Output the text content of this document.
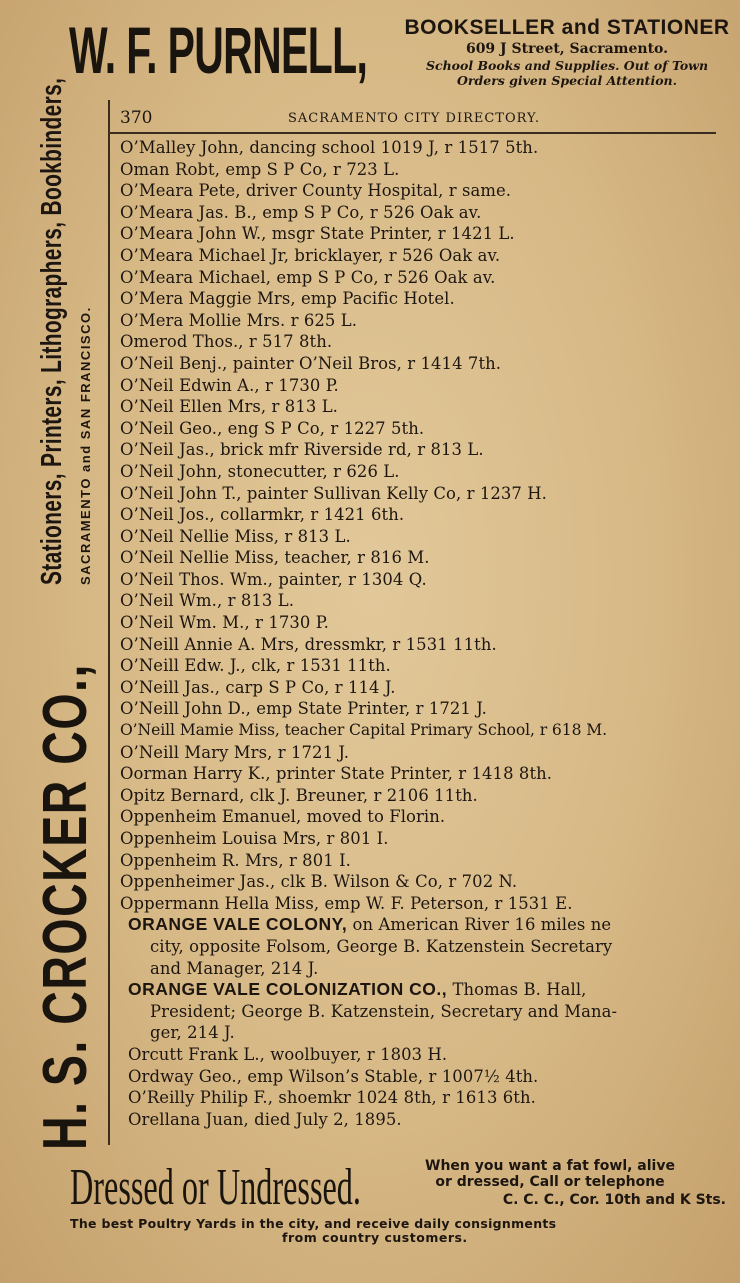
W. F. PURNELL, BOOKSELLER and STATIONER
609 J Street, Sacramento.
School Books and Supplies. Out of Town
Orders given Special Attention.
H. S. CROCKER CO.,
Stationers, Printers, Lithographers, Bookbinders, SACRAMENTO and SAN FRANCISCO.
370	SACRAMENTO CITY DIRECTORY.
O’Malley John, dancing school 1019 J, r 1517 5th.
Oman Robt, emp S P Co, r 723 L.
O’Meara Pete, driver County Hospital, r same.
O’Meara Jas. B., emp S P Co, r 526 Oak av.
O’Meara John W., msgr State Printer, r 1421 L.
O’Meara Michael Jr, bricklayer, r 526 Oak av.
O’Meara Michael, emp S P Co, r 526 Oak av.
O’Mera Maggie Mrs, emp Pacific Hotel.
O’Mera Mollie Mrs. r 625 L.
Omerod Thos., r 517 8th.
O’Neil Benj., painter O’Neil Bros, r 1414 7th.
O’Neil Edwin A., r 1730 P.
O’Neil Ellen Mrs, r 813 L.
O’Neil Geo., eng S P Co, r 1227 5th.
O’Neil Jas., brick mfr Riverside rd, r 813 L.
O’Neil John, stonecutter, r 626 L.
O’Neil John T., painter Sullivan Kelly Co, r 1237 H.
O’Neil Jos., collarmkr, r 1421 6th.
O’Neil Nellie Miss, r 813 L.
O’Neil Nellie Miss, teacher, r 816 M.
O’Neil Thos. Wm., painter, r 1304 Q.
O’Neil Wm., r 813 L.
O’Neil Wm. M., r 1730 P.
O’Neill Annie A. Mrs, dressmkr, r 1531 11th.
O’Neill Edw. J., clk, r 1531 11th.
O’Neill Jas., carp S P Co, r 114 J.
O’Neill John D., emp State Printer, r 1721 J.
O’Neill Mamie Miss, teacher Capital Primary School, r 618 M.
O’Neill Mary Mrs, r 1721 J.
Oorman Harry K., printer State Printer, r 1418 8th.
Opitz Bernard, clk J. Breuner, r 2106 11th.
Oppenheim Emanuel, moved to Florin.
Oppenheim Louisa Mrs, r 801 I.
Oppenheim R. Mrs, r 801 I.
Oppenheimer Jas., clk B. Wilson & Co, r 702 N.
Oppermann Hella Miss, emp W. F. Peterson, r 1531 E.
ORANGE VALE COLONY, on American River 16 miles ne
city, opposite Folsom, George B. Katzenstein Secretary
and Manager, 214 J.
ORANGE VALE COLONIZATION CO., Thomas B. Hall,
President; George B. Katzenstein, Secretary and Mana-
ger, 214 J.
Orcutt Frank L., woolbuyer, r 1803 H.
Ordway Geo., emp Wilson’s Stable, r 1007½ 4th.
O’Reilly Philip F., shoemkr 1024 8th, r 1613 6th.
Orellana Juan, died July 2, 1895.
Dressed or Undressed.	When you want a fat fowl, alive
or dressed, Call or telephone
C. C. C., Cor. 10th and K Sts.
The best Poultry Yards in the city, and receive daily consignments
from country customers.
